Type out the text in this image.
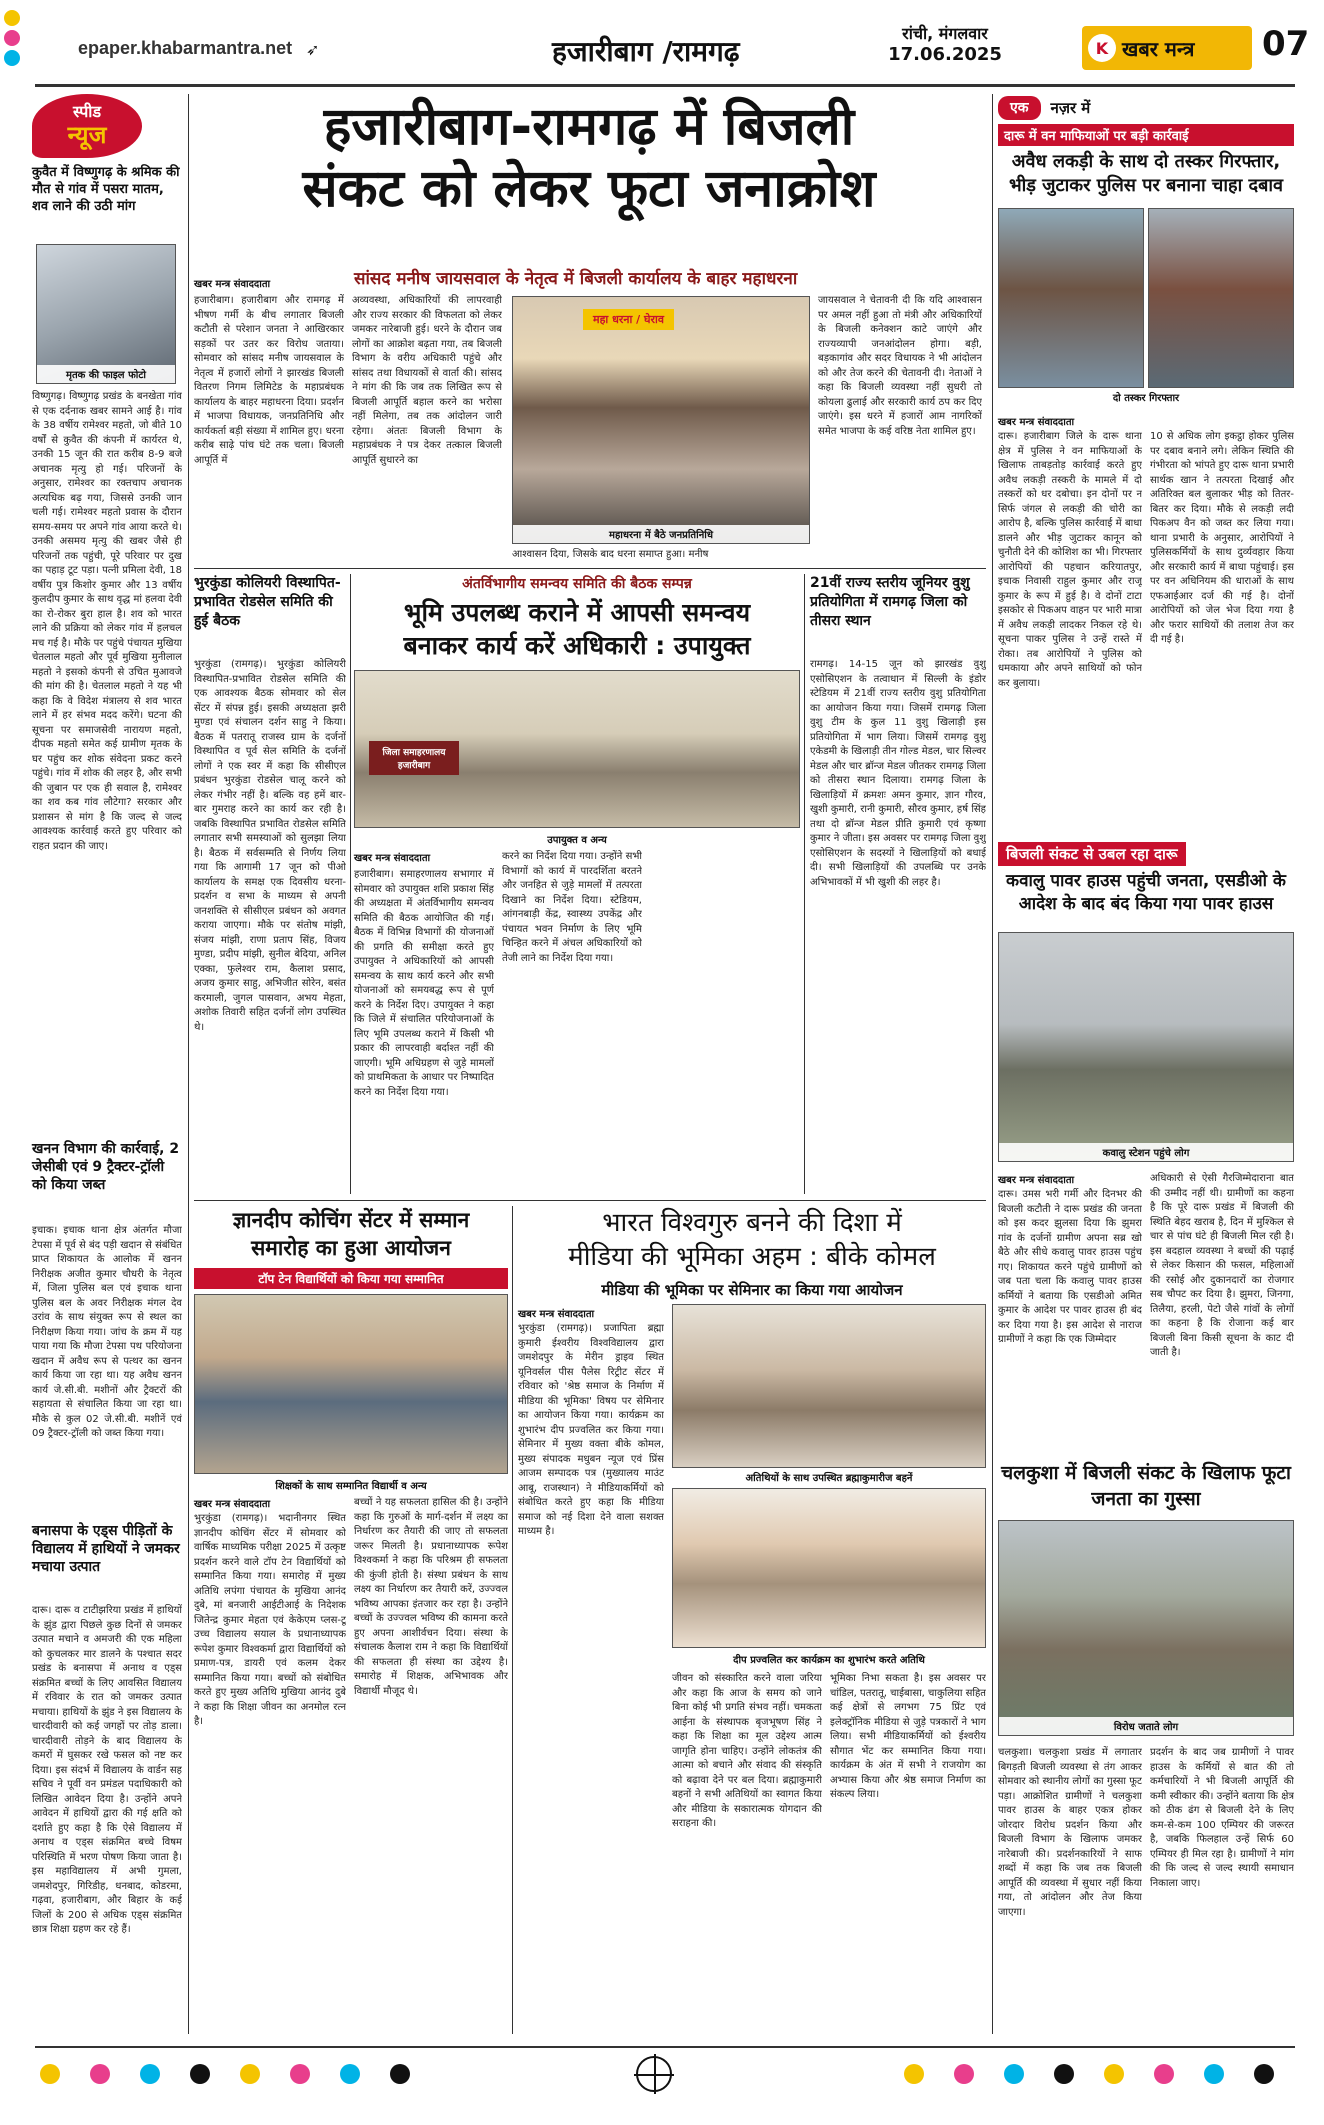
epaper.khabarmantra.net ➶	हजारीबाग /रामगढ़
रांची, मंगलवार
17.06.2025	K खबर मन्त्र 07
स्पीड
न्यूज
कुवैत में विष्णुगढ़ के श्रमिक की मौत से गांव में पसरा मातम, शव लाने की उठी मांग
मृतक की फाइल फोटो
विष्णुगढ़। विष्णुगढ़ प्रखंड के बनखेता गांव से एक दर्दनाक खबर सामने आई है। गांव के 38 वर्षीय रामेश्वर महतो, जो बीते 10 वर्षों से कुवैत की कंपनी में कार्यरत थे, उनकी 15 जून की रात करीब 8-9 बजे अचानक मृत्यु हो गई। परिजनों के अनुसार, रामेश्वर का रक्तचाप अचानक अत्यधिक बढ़ गया, जिससे उनकी जान चली गई। रामेश्वर महतो प्रवास के दौरान समय-समय पर अपने गांव आया करते थे। उनकी असमय मृत्यु की खबर जैसे ही परिजनों तक पहुंची, पूरे परिवार पर दुख का पहाड़ टूट पड़ा। पत्नी प्रमिला देवी, 18 वर्षीय पुत्र किशोर कुमार और 13 वर्षीय कुलदीप कुमार के साथ वृद्ध मां हलवा देवी का रो-रोकर बुरा हाल है। शव को भारत लाने की प्रक्रिया को लेकर गांव में हलचल मच गई है। मौके पर पहुंचे पंचायत मुखिया चेतलाल महतो और पूर्व मुखिया मुनीलाल महतो ने इसको कंपनी से उचित मुआवजे की मांग की है। चेतलाल महतो ने यह भी कहा कि वे विदेश मंत्रालय से शव भारत लाने में हर संभव मदद करेंगे। घटना की सूचना पर समाजसेवी नारायण महतो, दीपक महतो समेत कई ग्रामीण मृतक के घर पहुंच कर शोक संवेदना प्रकट करने पहुंचे। गांव में शोक की लहर है, और सभी की जुबान पर एक ही सवाल है, रामेश्वर का शव कब गांव लौटेगा? सरकार और प्रशासन से मांग है कि जल्द से जल्द आवश्यक कार्रवाई करते हुए परिवार को राहत प्रदान की जाए।
खनन विभाग की कार्रवाई, 2 जेसीबी एवं 9 ट्रैक्टर-ट्रॉली को किया जब्त
इचाक। इचाक थाना क्षेत्र अंतर्गत मौजा टेपसा में पूर्व से बंद पड़ी खदान से संबंधित प्राप्त शिकायत के आलोक में खनन निरीक्षक अजीत कुमार चौधरी के नेतृत्व में, जिला पुलिस बल एवं इचाक थाना पुलिस बल के अवर निरीक्षक मंगल देव उरांव के साथ संयुक्त रूप से स्थल का निरीक्षण किया गया। जांच के क्रम में यह पाया गया कि मौजा टेपसा पथ परियोजना खदान में अवैध रूप से पत्थर का खनन कार्य किया जा रहा था। यह अवैध खनन कार्य जे.सी.बी. मशीनों और ट्रैक्टरों की सहायता से संचालित किया जा रहा था। मौके से कुल 02 जे.सी.बी. मशीनें एवं 09 ट्रैक्टर-ट्रॉली को जब्त किया गया।
बनासपा के एड्स पीड़ितों के विद्यालय में हाथियों ने जमकर मचाया उत्पात
दारू। दारू व टाटीझरिया प्रखंड में हाथियों के झुंड द्वारा पिछले कुछ दिनों से जमकर उत्पात मचाने व अमजरी की एक महिला को कुचलकर मार डालने के पश्चात सदर प्रखंड के बनासपा में अनाथ व एड्स संक्रमित बच्चों के लिए आवसित विद्यालय में रविवार के रात को जमकर उत्पात मचाया। हाथियों के झुंड ने इस विद्यालय के चारदीवारी को कई जगहों पर तोड़ डाला। चारदीवारी तोड़ने के बाद विद्यालय के कमरों में घुसकर रखे फसल को नष्ट कर दिया। इस संदर्भ में विद्यालय के वार्डन सह सचिव ने पूर्वी वन प्रमंडल पदाधिकारी को लिखित आवेदन दिया है। उन्होंने अपने आवेदन में हाथियों द्वारा की गई क्षति को दर्शाते हुए कहा है कि ऐसे विद्यालय में अनाथ व एड्स संक्रमित बच्चे विषम परिस्थिति में भरण पोषण किया जाता है। इस महाविद्यालय में अभी गुमला, जमशेदपुर, गिरिडीह, धनबाद, कोडरमा, गढ़वा, हजारीबाग, और बिहार के कई जिलों के 200 से अधिक एड्स संक्रमित छात्र शिक्षा ग्रहण कर रहे हैं।
हजारीबाग-रामगढ़ में बिजली
संकट को लेकर फूटा जनाक्रोश
सांसद मनीष जायसवाल के नेतृत्व में बिजली कार्यालय के बाहर महाधरना
खबर मन्त्र संवाददाता
हजारीबाग। हजारीबाग और रामगढ़ में भीषण गर्मी के बीच लगातार बिजली कटौती से परेशान जनता ने आखिरकार सड़कों पर उतर कर विरोध जताया। सोमवार को सांसद मनीष जायसवाल के नेतृत्व में हजारों लोगों ने झारखंड बिजली वितरण निगम लिमिटेड के महाप्रबंधक कार्यालय के बाहर महाधरना दिया। प्रदर्शन में भाजपा विधायक, जनप्रतिनिधि और कार्यकर्ता बड़ी संख्या में शामिल हुए। धरना करीब साढ़े पांच घंटे तक चला। बिजली आपूर्ति में
अव्यवस्था, अधिकारियों की लापरवाही और राज्य सरकार की विफलता को लेकर जमकर नारेबाजी हुई। धरने के दौरान जब लोगों का आक्रोश बढ़ता गया, तब बिजली विभाग के वरीय अधिकारी पहुंचे और सांसद तथा विधायकों से वार्ता की। सांसद ने मांग की कि जब तक लिखित रूप से बिजली आपूर्ति बहाल करने का भरोसा नहीं मिलेगा, तब तक आंदोलन जारी रहेगा। अंततः बिजली विभाग के महाप्रबंधक ने पत्र देकर तत्काल बिजली आपूर्ति सुधारने का
महा धरना / घेराव
महाधरना में बैठे जनप्रतिनिधि
आश्वासन दिया, जिसके बाद धरना समाप्त हुआ। मनीष
जायसवाल ने चेतावनी दी कि यदि आश्वासन पर अमल नहीं हुआ तो मंत्री और अधिकारियों के बिजली कनेक्शन काटे जाएंगे और राज्यव्यापी जनआंदोलन होगा। बड़ी, बड़कागांव और सदर विधायक ने भी आंदोलन को और तेज करने की चेतावनी दी। नेताओं ने कहा कि बिजली व्यवस्था नहीं सुधरी तो कोयला ढुलाई और सरकारी कार्य ठप कर दिए जाएंगे। इस धरने में हजारों आम नागरिकों समेत भाजपा के कई वरिष्ठ नेता शामिल हुए।
एक	नज़र में
दारू में वन माफियाओं पर बड़ी कार्रवाई
अवैध लकड़ी के साथ दो तस्कर गिरफ्तार, भीड़ जुटाकर पुलिस पर बनाना चाहा दबाव
दो तस्कर गिरफ्तार
खबर मन्त्र संवाददाता
दारू। हजारीबाग जिले के दारू थाना क्षेत्र में पुलिस ने वन माफियाओं के खिलाफ ताबड़तोड़ कार्रवाई करते हुए अवैध लकड़ी तस्करी के मामले में दो तस्करों को धर दबोचा। इन दोनों पर न सिर्फ जंगल से लकड़ी की चोरी का आरोप है, बल्कि पुलिस कार्रवाई में बाधा डालने और भीड़ जुटाकर कानून को चुनौती देने की कोशिश का भी। गिरफ्तार आरोपियों की पहचान करियातपुर, इचाक निवासी राहुल कुमार और राजू कुमार के रूप में हुई है। वे दोनों टाटा इसकोर से पिकअप वाहन पर भारी मात्रा में अवैध लकड़ी लादकर निकल रहे थे। सूचना पाकर पुलिस ने उन्हें रास्ते में रोका। तब आरोपियों ने पुलिस को धमकाया और अपने साथियों को फोन कर बुलाया।
10 से अधिक लोग इकट्ठा होकर पुलिस पर दबाव बनाने लगे। लेकिन स्थिति की गंभीरता को भांपते हुए दारू थाना प्रभारी सार्थक खान ने तत्परता दिखाई और अतिरिक्त बल बुलाकर भीड़ को तितर-बितर कर दिया। मौके से लकड़ी लदी पिकअप वैन को जब्त कर लिया गया। थाना प्रभारी के अनुसार, आरोपियों ने पुलिसकर्मियों के साथ दुर्व्यवहार किया और सरकारी कार्य में बाधा पहुंचाई। इस पर वन अधिनियम की धाराओं के साथ एफआईआर दर्ज की गई है। दोनों आरोपियों को जेल भेज दिया गया है और फरार साथियों की तलाश तेज कर दी गई है।
बिजली संकट से उबल रहा दारू
कवालु पावर हाउस पहुंची जनता, एसडीओ के आदेश के बाद बंद किया गया पावर हाउस
कवालु स्टेशन पहुंचे लोग
खबर मन्त्र संवाददाता
दारू। उमस भरी गर्मी और दिनभर की बिजली कटौती ने दारू प्रखंड की जनता को इस कदर झुलसा दिया कि झुमरा गांव के दर्जनों ग्रामीण अपना सब्र खो बैठे और सीधे कवालु पावर हाउस पहुंच गए। शिकायत करने पहुंचे ग्रामीणों को जब पता चला कि कवालु पावर हाउस कर्मियों ने बताया कि एसडीओ अमित कुमार के आदेश पर पावर हाउस ही बंद कर दिया गया है। इस आदेश से नाराज ग्रामीणों ने कहा कि एक जिम्मेदार
अधिकारी से ऐसी गैरजिम्मेदाराना बात की उम्मीद नहीं थी। ग्रामीणों का कहना है कि पूरे दारू प्रखंड में बिजली की स्थिति बेहद खराब है, दिन में मुश्किल से चार से पांच घंटे ही बिजली मिल रही है। इस बदहाल व्यवस्था ने बच्चों की पढ़ाई से लेकर किसान की फसल, महिलाओं की रसोई और दुकानदारों का रोजगार सब चौपट कर दिया है। झुमरा, जिनगा, तिलैया, हरली, पेटो जैसे गांवों के लोगों का कहना है कि रोजाना कई बार बिजली बिना किसी सूचना के काट दी जाती है।
चलकुशा में बिजली संकट के खिलाफ फूटा जनता का गुस्सा
विरोध जताते लोग
चलकुशा। चलकुशा प्रखंड में लगातार बिगड़ती बिजली व्यवस्था से तंग आकर सोमवार को स्थानीय लोगों का गुस्सा फूट पड़ा। आक्रोशित ग्रामीणों ने चलकुशा पावर हाउस के बाहर एकत्र होकर जोरदार विरोध प्रदर्शन किया और बिजली विभाग के खिलाफ जमकर नारेबाजी की। प्रदर्शनकारियों ने साफ शब्दों में कहा कि जब तक बिजली आपूर्ति की व्यवस्था में सुधार नहीं किया गया, तो आंदोलन और तेज किया जाएगा।
प्रदर्शन के बाद जब ग्रामीणों ने पावर हाउस के कर्मियों से बात की तो कर्मचारियों ने भी बिजली आपूर्ति की कमी स्वीकार की। उन्होंने बताया कि क्षेत्र को ठीक ढंग से बिजली देने के लिए कम-से-कम 100 एम्पियर की जरूरत है, जबकि फिलहाल उन्हें सिर्फ 60 एम्पियर ही मिल रहा है। ग्रामीणों ने मांग की कि जल्द से जल्द स्थायी समाधान निकाला जाए।
भुरकुंडा कोलियरी विस्थापित-प्रभावित रोडसेल समिति की हुई बैठक
भुरकुंडा (रामगढ़)। भुरकुंडा कोलियरी विस्थापित-प्रभावित रोडसेल समिति की एक आवश्यक बैठक सोमवार को सेल सेंटर में संपन्न हुई। इसकी अध्यक्षता झरी मुण्डा एवं संचालन दर्शन साहु ने किया। बैठक में पतरातू राजस्व ग्राम के दर्जनों विस्थापित व पूर्व सेल समिति के दर्जनों लोगों ने एक स्वर में कहा कि सीसीएल प्रबंधन भुरकुंडा रोडसेल चालू करने को लेकर गंभीर नहीं है। बल्कि वह हमें बार-बार गुमराह करने का कार्य कर रही है। जबकि विस्थापित प्रभावित रोडसेल समिति लगातार सभी समस्याओं को सुलझा लिया है। बैठक में सर्वसम्मति से निर्णय लिया गया कि आगामी 17 जून को पीओ कार्यालय के समक्ष एक दिवसीय धरना-प्रदर्शन व सभा के माध्यम से अपनी जनशक्ति से सीसीएल प्रबंधन को अवगत कराया जाएगा। मौके पर संतोष मांझी, संजय मांझी, राणा प्रताप सिंह, विजय मुण्डा, प्रदीप मांझी, सुनील बेदिया, अनिल एक्का, फुलेश्वर राम, कैलाश प्रसाद, अजय कुमार साहु, अभिजीत सोरेन, बसंत करमाली, जुगल पासवान, अभय मेहता, अशोक तिवारी सहित दर्जनों लोग उपस्थित थे।
अंतर्विभागीय समन्वय समिति की बैठक सम्पन्न
भूमि उपलब्ध कराने में आपसी समन्वय
बनाकर कार्य करें अधिकारी : उपायुक्त
जिला समाहरणालय हजारीबाग
उपायुक्त व अन्य
खबर मन्त्र संवाददाता
हजारीबाग। समाहरणालय सभागार में सोमवार को उपायुक्त शशि प्रकाश सिंह की अध्यक्षता में अंतर्विभागीय समन्वय समिति की बैठक आयोजित की गई। बैठक में विभिन्न विभागों की योजनाओं की प्रगति की समीक्षा करते हुए उपायुक्त ने अधिकारियों को आपसी समन्वय के साथ कार्य करने और सभी योजनाओं को समयबद्ध रूप से पूर्ण करने के निर्देश दिए। उपायुक्त ने कहा कि जिले में संचालित परियोजनाओं के लिए भूमि उपलब्ध कराने में किसी भी प्रकार की लापरवाही बर्दाश्त नहीं की जाएगी। भूमि अधिग्रहण से जुड़े मामलों को प्राथमिकता के आधार पर निष्पादित करने का निर्देश दिया गया।
करने का निर्देश दिया गया। उन्होंने सभी विभागों को कार्य में पारदर्शिता बरतने और जनहित से जुड़े मामलों में तत्परता दिखाने का निर्देश दिया। स्टेडियम, आंगनबाड़ी केंद्र, स्वास्थ्य उपकेंद्र और पंचायत भवन निर्माण के लिए भूमि चिन्हित करने में अंचल अधिकारियों को तेजी लाने का निर्देश दिया गया।
21वीं राज्य स्तरीय जूनियर वुशु प्रतियोगिता में रामगढ़ जिला को तीसरा स्थान
रामगढ़। 14-15 जून को झारखंड वुशु एसोसिएशन के तत्वाधान में सिल्ली के इंडोर स्टेडियम में 21वीं राज्य स्तरीय वुशु प्रतियोगिता का आयोजन किया गया। जिसमें रामगढ़ जिला वुशु टीम के कुल 11 वुशु खिलाड़ी इस प्रतियोगिता में भाग लिया। जिसमें रामगढ़ वुशु एकेडमी के खिलाड़ी तीन गोल्ड मेडल, चार सिल्वर मेडल और चार ब्रॉन्ज मेडल जीतकर रामगढ़ जिला को तीसरा स्थान दिलाया। रामगढ़ जिला के खिलाड़ियों में क्रमशः अमन कुमार, ज्ञान गौरव, खुशी कुमारी, रानी कुमारी, सौरव कुमार, हर्ष सिंह तथा दो ब्रॉन्ज मेडल प्रीति कुमारी एवं कृष्णा कुमार ने जीता। इस अवसर पर रामगढ़ जिला वुशु एसोसिएशन के सदस्यों ने खिलाड़ियों को बधाई दी। सभी खिलाड़ियों की उपलब्धि पर उनके अभिभावकों में भी खुशी की लहर है।
ज्ञानदीप कोचिंग सेंटर में सम्मान
समारोह का हुआ आयोजन
टॉप टेन विद्यार्थियों को किया गया सम्मानित
शिक्षकों के साथ सम्मानित विद्यार्थी व अन्य
खबर मन्त्र संवाददाता
भुरकुंडा (रामगढ़)। भदानीनगर स्थित ज्ञानदीप कोचिंग सेंटर में सोमवार को वार्षिक माध्यमिक परीक्षा 2025 में उत्कृष्ट प्रदर्शन करने वाले टॉप टेन विद्यार्थियों को सम्मानित किया गया। समारोह में मुख्य अतिथि लपंगा पंचायत के मुखिया आनंद दुबे, मां बनजारी आईटीआई के निदेशक जितेन्द्र कुमार मेहता एवं केकेएम प्लस-टू उच्च विद्यालय सयाल के प्रधानाध्यापक रूपेश कुमार विश्वकर्मा द्वारा विद्यार्थियों को प्रमाण-पत्र, डायरी एवं कलम देकर सम्मानित किया गया। बच्चों को संबोधित करते हुए मुख्य अतिथि मुखिया आनंद दुबे ने कहा कि शिक्षा जीवन का अनमोल रत्न है।
बच्चों ने यह सफलता हासिल की है। उन्होंने कहा कि गुरुओं के मार्ग-दर्शन में लक्ष्य का निर्धारण कर तैयारी की जाए तो सफलता जरूर मिलती है। प्रधानाध्यापक रूपेश विश्वकर्मा ने कहा कि परिश्रम ही सफलता की कुंजी होती है। संस्था प्रबंधन के साथ लक्ष्य का निर्धारण कर तैयारी करें, उज्ज्वल भविष्य आपका इंतजार कर रहा है। उन्होंने बच्चों के उज्ज्वल भविष्य की कामना करते हुए अपना आशीर्वचन दिया। संस्था के संचालक कैलाश राम ने कहा कि विद्यार्थियों की सफलता ही संस्था का उद्देश्य है। समारोह में शिक्षक, अभिभावक और विद्यार्थी मौजूद थे।
भारत विश्वगुरु बनने की दिशा में
मीडिया की भूमिका अहम : बीके कोमल
मीडिया की भूमिका पर सेमिनार का किया गया आयोजन
खबर मन्त्र संवाददाता
भुरकुंडा (रामगढ़)। प्रजापिता ब्रह्मा कुमारी ईश्वरीय विश्वविद्यालय द्वारा जमशेदपुर के मेरीन ड्राइव स्थित यूनिवर्सल पीस पैलेस रिट्रीट सेंटर में रविवार को 'श्रेष्ठ समाज के निर्माण में मीडिया की भूमिका' विषय पर सेमिनार का आयोजन किया गया। कार्यक्रम का शुभारंभ दीप प्रज्वलित कर किया गया। सेमिनार में मुख्य वक्ता बीके कोमल, मुख्य संपादक मधुबन न्यूज एवं प्रिंस आजम सम्पादक पत्र (मुख्यालय माउंट आबू, राजस्थान) ने मीडियाकर्मियों को संबोधित करते हुए कहा कि मीडिया समाज को नई दिशा देने वाला सशक्त माध्यम है।
अतिथियों के साथ उपस्थित ब्रह्माकुमारीज बहनें
दीप प्रज्वलित कर कार्यक्रम का शुभारंभ करते अतिथि
जीवन को संस्कारित करने वाला जरिया और कहा कि आज के समय को जाने बिना कोई भी प्रगति संभव नहीं। चमकता आईना के संस्थापक बृजभूषण सिंह ने कहा कि शिक्षा का मूल उद्देश्य आत्म जागृति होना चाहिए। उन्होंने लोकतंत्र की आत्मा को बचाने और संवाद की संस्कृति को बढ़ावा देने पर बल दिया। ब्रह्माकुमारी बहनों ने सभी अतिथियों का स्वागत किया और मीडिया के सकारात्मक योगदान की सराहना की।
भूमिका निभा सकता है। इस अवसर पर चांडिल, पतरातू, चाईबासा, चाकुलिया सहित कई क्षेत्रों से लगभग 75 प्रिंट एवं इलेक्ट्रॉनिक मीडिया से जुड़े पत्रकारों ने भाग लिया। सभी मीडियाकर्मियों को ईश्वरीय सौगात भेंट कर सम्मानित किया गया। कार्यक्रम के अंत में सभी ने राजयोग का अभ्यास किया और श्रेष्ठ समाज निर्माण का संकल्प लिया।
